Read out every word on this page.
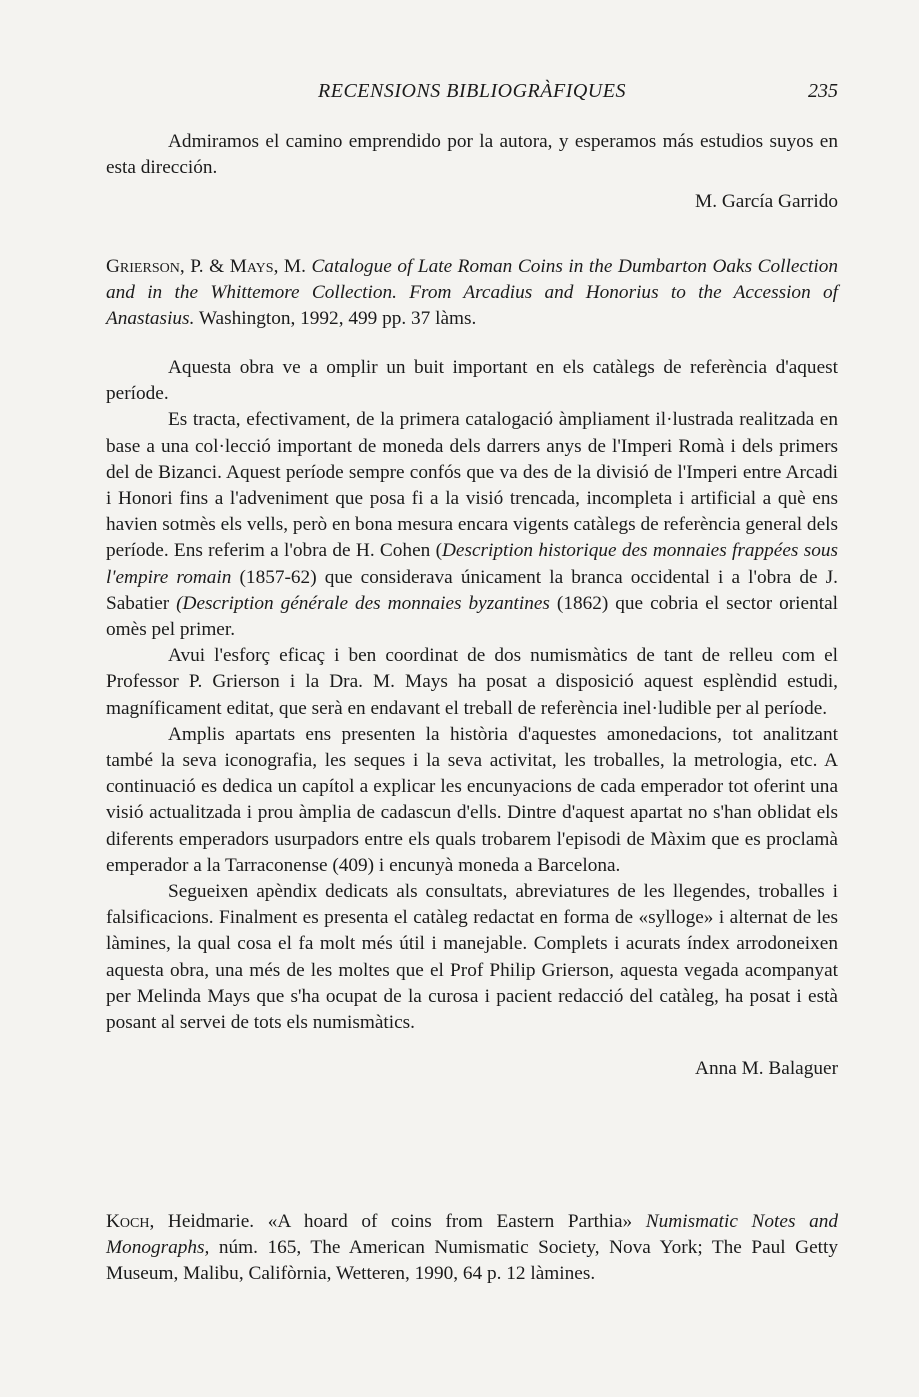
RECENSIONS BIBLIOGRÀFIQUES	235

Admiramos el camino emprendido por la autora, y esperamos más estudios suyos en esta dirección.

M. García Garrido

Grierson, P. & Mays, M. Catalogue of Late Roman Coins in the Dumbarton Oaks Collection and in the Whittemore Collection. From Arcadius and Honorius to the Accession of Anastasius. Washington, 1992, 499 pp. 37 làms.

Aquesta obra ve a omplir un buit important en els catàlegs de referència d'aquest període.

Es tracta, efectivament, de la primera catalogació àmpliament il·lustrada realitzada en base a una col·lecció important de moneda dels darrers anys de l'Imperi Romà i dels primers del de Bizanci. Aquest període sempre confós que va des de la divisió de l'Imperi entre Arcadi i Honori fins a l'adveniment que posa fi a la visió trencada, incompleta i artificial a què ens havien sotmès els vells, però en bona mesura encara vigents catàlegs de referència general dels període. Ens referim a l'obra de H. Cohen (Description historique des monnaies frappées sous l'empire romain (1857-62) que considerava únicament la branca occidental i a l'obra de J. Sabatier (Description générale des monnaies byzantines (1862) que cobria el sector oriental omès pel primer.

Avui l'esforç eficaç i ben coordinat de dos numismàtics de tant de relleu com el Professor P. Grierson i la Dra. M. Mays ha posat a disposició aquest esplèndid estudi, magníficament editat, que serà en endavant el treball de referència inel·ludible per al període.

Amplis apartats ens presenten la història d'aquestes amonedacions, tot analitzant també la seva iconografia, les seques i la seva activitat, les troballes, la metrologia, etc. A continuació es dedica un capítol a explicar les encunyacions de cada emperador tot oferint una visió actualitzada i prou àmplia de cadascun d'ells. Dintre d'aquest apartat no s'han oblidat els diferents emperadors usurpadors entre els quals trobarem l'episodi de Màxim que es proclamà emperador a la Tarraconense (409) i encunyà moneda a Barcelona.

Segueixen apèndix dedicats als consultats, abreviatures de les llegendes, troballes i falsificacions. Finalment es presenta el catàleg redactat en forma de «sylloge» i alternat de les làmines, la qual cosa el fa molt més útil i manejable. Complets i acurats índex arrodoneixen aquesta obra, una més de les moltes que el Prof Philip Grierson, aquesta vegada acompanyat per Melinda Mays que s'ha ocupat de la curosa i pacient redacció del catàleg, ha posat i està posant al servei de tots els numismàtics.

Anna M. Balaguer

Koch, Heidmarie. «A hoard of coins from Eastern Parthia» Numismatic Notes and Monographs, núm. 165, The American Numismatic Society, Nova York; The Paul Getty Museum, Malibu, Califòrnia, Wetteren, 1990, 64 p. 12 làmines.
